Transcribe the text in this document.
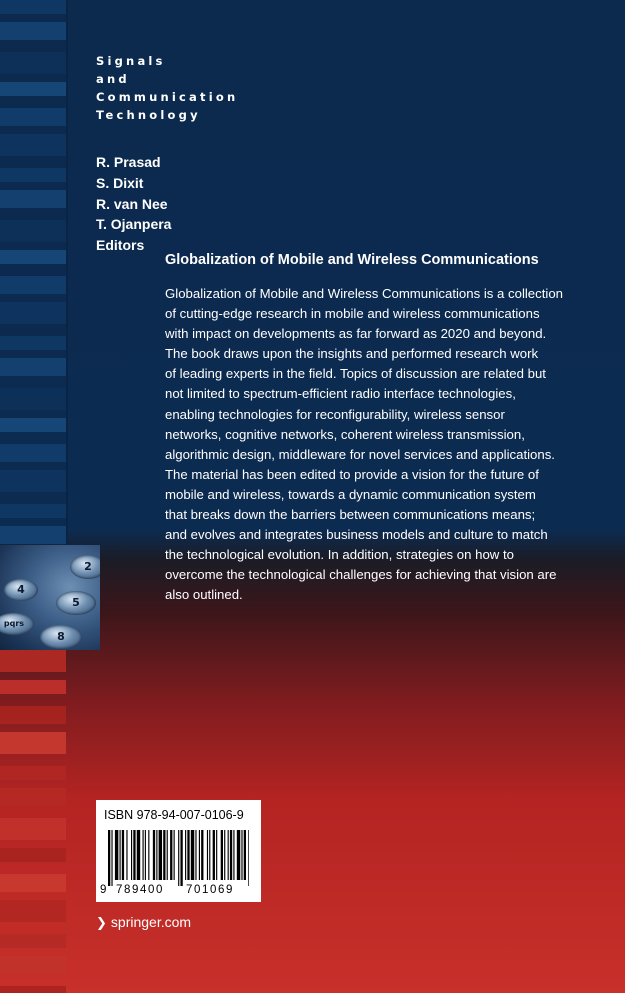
2
4
5
pqrs
8
Signals
and
Communication
Technology
R. Prasad
S. Dixit
R. van Nee
T. Ojanpera
Editors
Globalization of Mobile and Wireless Communications
Globalization of Mobile and Wireless Communications is a collection
of cutting-edge research in mobile and wireless communications
with impact on developments as far forward as 2020 and beyond.
The book draws upon the insights and performed research work
of leading experts in the field. Topics of discussion are related but
not limited to spectrum-efficient radio interface technologies,
enabling technologies for reconfigurability, wireless sensor
networks, cognitive networks, coherent wireless transmission,
algorithmic design, middleware for novel services and applications.
The material has been edited to provide a vision for the future of
mobile and wireless, towards a dynamic communication system
that breaks down the barriers between communications means;
and evolves and integrates business models and culture to match
the technological evolution. In addition, strategies on how to
overcome the technological challenges for achieving that vision are
also outlined.
ISBN 978-94-007-0106-9
9 789400 701069
❯ springer.com
